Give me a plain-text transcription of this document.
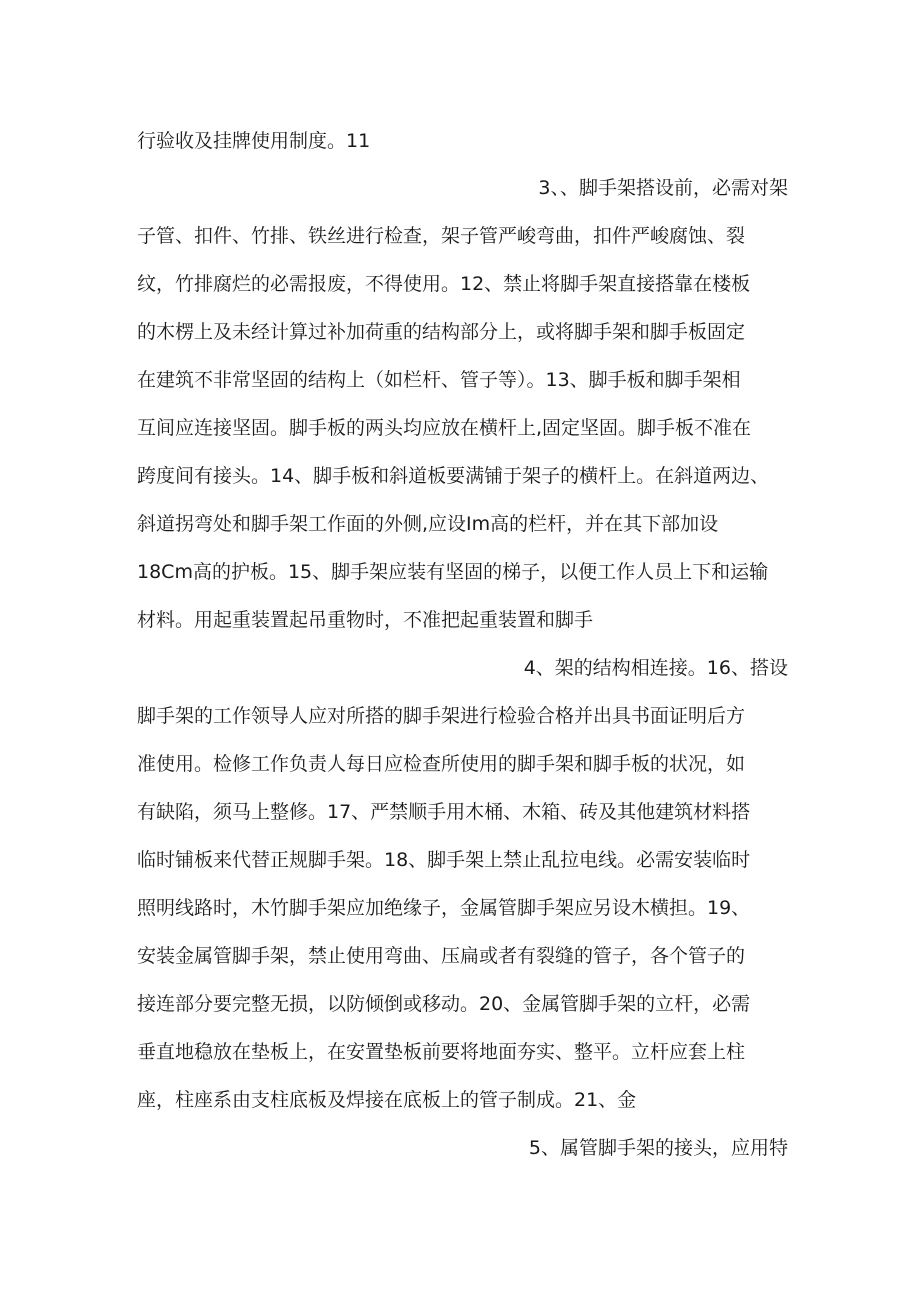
行验收及挂牌使用制度。11
3、、脚手架搭设前，必需对架
子管、扣件、竹排、铁丝进行检查，架子管严峻弯曲，扣件严峻腐蚀、裂
纹，竹排腐烂的必需报废，不得使用。12、禁止将脚手架直接搭靠在楼板
的木楞上及未经计算过补加荷重的结构部分上，或将脚手架和脚手板固定
在建筑不非常坚固的结构上（如栏杆、管子等）。13、脚手板和脚手架相
互间应连接坚固。脚手板的两头均应放在横杆上,固定坚固。脚手板不准在
跨度间有接头。14、脚手板和斜道板要满铺于架子的横杆上。在斜道两边、
斜道拐弯处和脚手架工作面的外侧,应设Im高的栏杆，并在其下部加设
18Cm高的护板。15、脚手架应装有坚固的梯子，以便工作人员上下和运输
材料。用起重装置起吊重物时，不准把起重装置和脚手
4、架的结构相连接。16、搭设
脚手架的工作领导人应对所搭的脚手架进行检验合格并出具书面证明后方
准使用。检修工作负责人每日应检查所使用的脚手架和脚手板的状况，如
有缺陷，须马上整修。17、严禁顺手用木桶、木箱、砖及其他建筑材料搭
临时铺板来代替正规脚手架。18、脚手架上禁止乱拉电线。必需安装临时
照明线路时，木竹脚手架应加绝缘子，金属管脚手架应另设木横担。19、
安装金属管脚手架，禁止使用弯曲、压扁或者有裂缝的管子，各个管子的
接连部分要完整无损，以防倾倒或移动。20、金属管脚手架的立杆，必需
垂直地稳放在垫板上，在安置垫板前要将地面夯实、整平。立杆应套上柱
座，柱座系由支柱底板及焊接在底板上的管子制成。21、金
5、属管脚手架的接头，应用特
